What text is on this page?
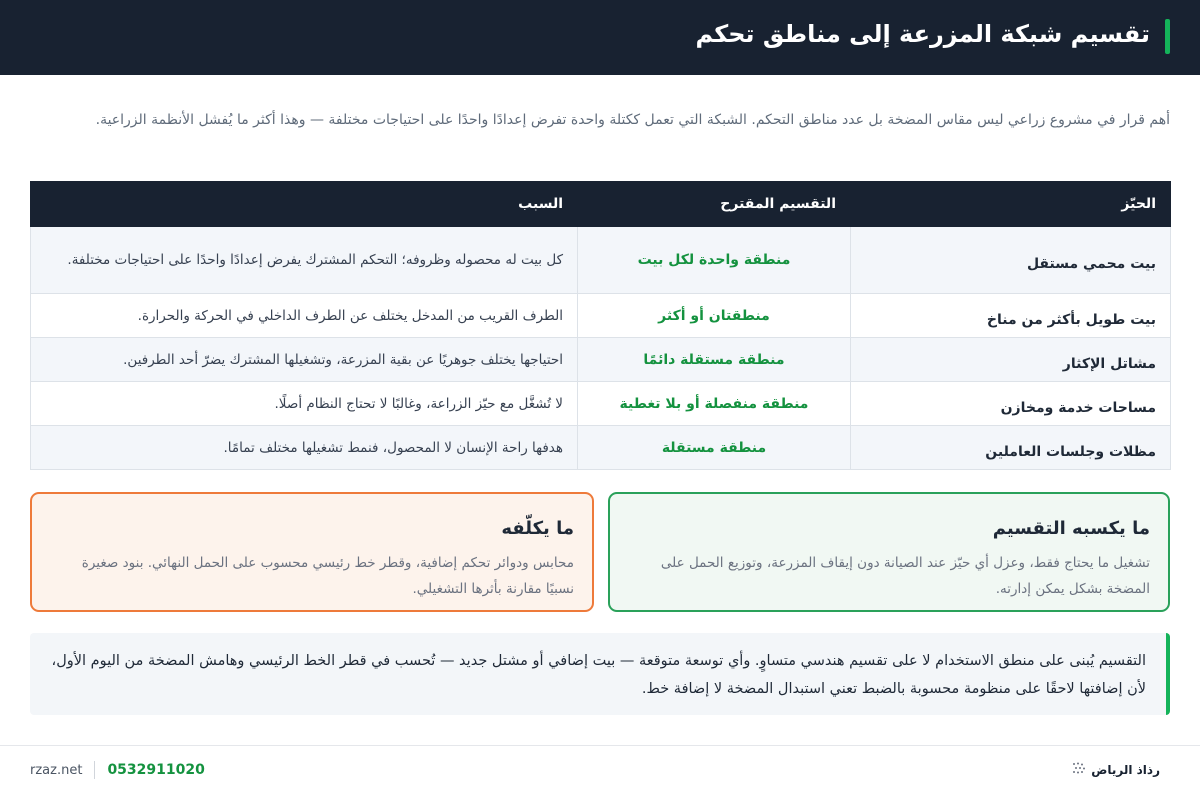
تقسيم شبكة المزرعة إلى مناطق تحكم

أهم قرار في مشروع زراعي ليس مقاس المضخة بل عدد مناطق التحكم. الشبكة التي تعمل ككتلة واحدة تفرض إعدادًا واحدًا على احتياجات مختلفة — وهذا أكثر ما يُفشل الأنظمة الزراعية.

الحيّز	التقسيم المقترح	السبب
بيت محمي مستقل	منطقة واحدة لكل بيت	كل بيت له محصوله وظروفه؛ التحكم المشترك يفرض إعدادًا واحدًا على احتياجات مختلفة.
بيت طويل بأكثر من مناخ	منطقتان أو أكثر	الطرف القريب من المدخل يختلف عن الطرف الداخلي في الحركة والحرارة.
مشاتل الإكثار	منطقة مستقلة دائمًا	احتياجها يختلف جوهريًا عن بقية المزرعة، وتشغيلها المشترك يضرّ أحد الطرفين.
مساحات خدمة ومخازن	منطقة منفصلة أو بلا تغطية	لا تُشغَّل مع حيّز الزراعة، وغالبًا لا تحتاج النظام أصلًا.
مظلات وجلسات العاملين	منطقة مستقلة	هدفها راحة الإنسان لا المحصول، فنمط تشغيلها مختلف تمامًا.
ما يكسبه التقسيم

تشغيل ما يحتاج فقط، وعزل أي حيّز عند الصيانة دون إيقاف المزرعة، وتوزيع الحمل على المضخة بشكل يمكن إدارته.

ما يكلّفه

محابس ودوائر تحكم إضافية، وقطر خط رئيسي محسوب على الحمل النهائي. بنود صغيرة نسبيًا مقارنة بأثرها التشغيلي.

التقسيم يُبنى على منطق الاستخدام لا على تقسيم هندسي متساوٍ. وأي توسعة متوقعة — بيت إضافي أو مشتل جديد — تُحسب في قطر الخط الرئيسي وهامش المضخة من اليوم الأول، لأن إضافتها لاحقًا على منظومة محسوبة بالضبط تعني استبدال المضخة لا إضافة خط.
رذاذ الرياض
rzaz.net 0532911020
